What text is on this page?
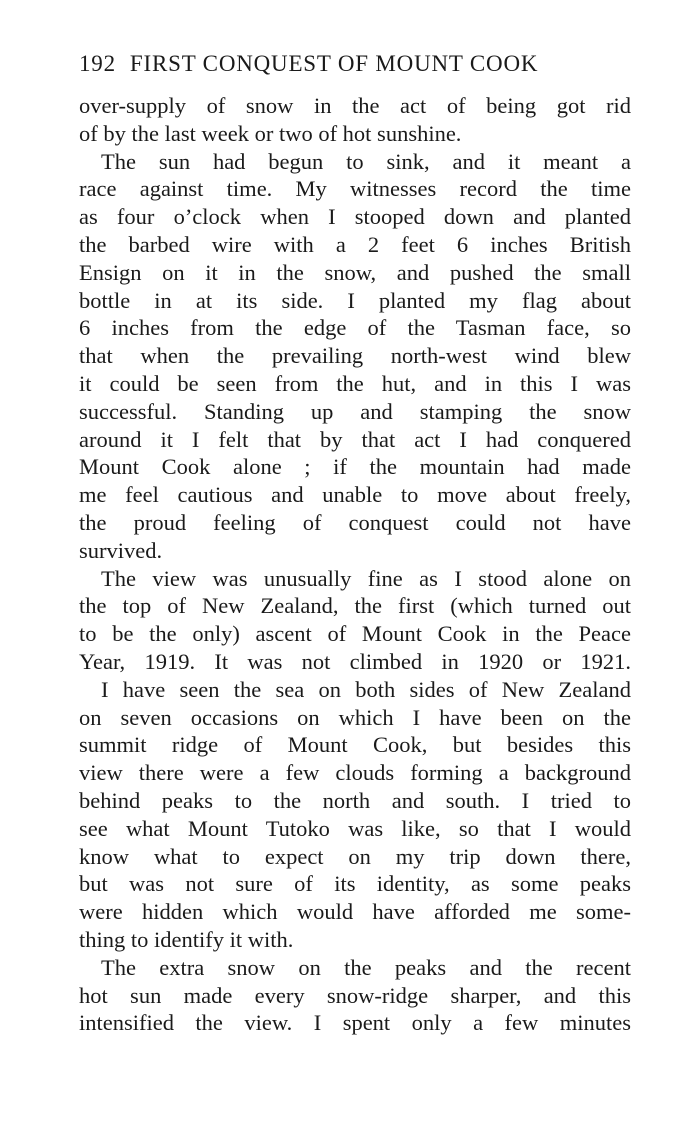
192 FIRST CONQUEST OF MOUNT COOK
over-supply of snow in the act of being got rid
of by the last week or two of hot sunshine.
The sun had begun to sink, and it meant a
race against time. My witnesses record the time
as four o’clock when I stooped down and planted
the barbed wire with a 2 feet 6 inches British
Ensign on it in the snow, and pushed the small
bottle in at its side. I planted my flag about
6 inches from the edge of the Tasman face, so
that when the prevailing north-west wind blew
it could be seen from the hut, and in this I was
successful. Standing up and stamping the snow
around it I felt that by that act I had conquered
Mount Cook alone ; if the mountain had made
me feel cautious and unable to move about freely,
the proud feeling of conquest could not have
survived.
The view was unusually fine as I stood alone on
the top of New Zealand, the first (which turned out
to be the only) ascent of Mount Cook in the Peace
Year, 1919. It was not climbed in 1920 or 1921.
I have seen the sea on both sides of New Zealand
on seven occasions on which I have been on the
summit ridge of Mount Cook, but besides this
view there were a few clouds forming a background
behind peaks to the north and south. I tried to
see what Mount Tutoko was like, so that I would
know what to expect on my trip down there,
but was not sure of its identity, as some peaks
were hidden which would have afforded me some-
thing to identify it with.
The extra snow on the peaks and the recent
hot sun made every snow-ridge sharper, and this
intensified the view. I spent only a few minutes
